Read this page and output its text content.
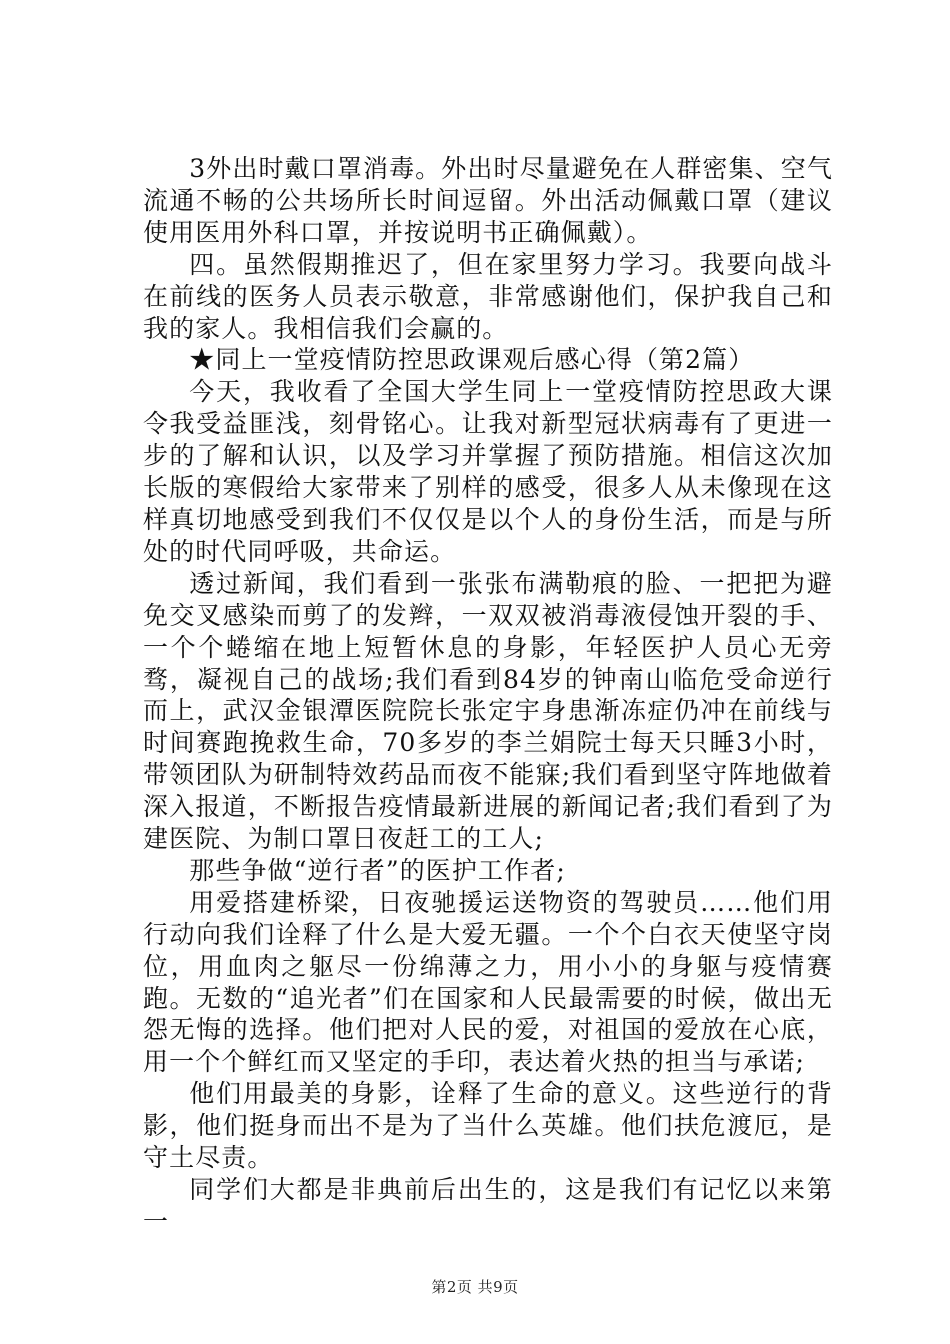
3外出时戴口罩消毒。外出时尽量避免在人群密集、空气流通不畅的公共场所长时间逗留。外出活动佩戴口罩（建议使用医用外科口罩，并按说明书正确佩戴）。

四。虽然假期推迟了，但在家里努力学习。我要向战斗在前线的医务人员表示敬意，非常感谢他们，保护我自己和我的家人。我相信我们会赢的。

★同上一堂疫情防控思政课观后感心得（第2篇）

今天，我收看了全国大学生同上一堂疫情防控思政大课令我受益匪浅，刻骨铭心。让我对新型冠状病毒有了更进一步的了解和认识，以及学习并掌握了预防措施。相信这次加长版的寒假给大家带来了别样的感受，很多人从未像现在这样真切地感受到我们不仅仅是以个人的身份生活，而是与所处的时代同呼吸，共命运。

透过新闻，我们看到一张张布满勒痕的脸、一把把为避免交叉感染而剪了的发辫，一双双被消毒液侵蚀开裂的手、一个个蜷缩在地上短暂休息的身影，年轻医护人员心无旁骛，凝视自己的战场;我们看到84岁的钟南山临危受命逆行而上，武汉金银潭医院院长张定宇身患渐冻症仍冲在前线与时间赛跑挽救生命，70多岁的李兰娟院士每天只睡3小时，带领团队为研制特效药品而夜不能寐;我们看到坚守阵地做着深入报道，不断报告疫情最新进展的新闻记者;我们看到了为建医院、为制口罩日夜赶工的工人;

那些争做“逆行者”的医护工作者;

用爱搭建桥梁，日夜驰援运送物资的驾驶员……他们用行动向我们诠释了什么是大爱无疆。一个个白衣天使坚守岗位，用血肉之躯尽一份绵薄之力，用小小的身躯与疫情赛跑。无数的“追光者”们在国家和人民最需要的时候，做出无怨无悔的选择。他们把对人民的爱，对祖国的爱放在心底，用一个个鲜红而又坚定的手印，表达着火热的担当与承诺;

他们用最美的身影，诠释了生命的意义。这些逆行的背影，他们挺身而出不是为了当什么英雄。他们扶危渡厄，是守土尽责。

同学们大都是非典前后出生的，这是我们有记忆以来第一

第2页 共9页
